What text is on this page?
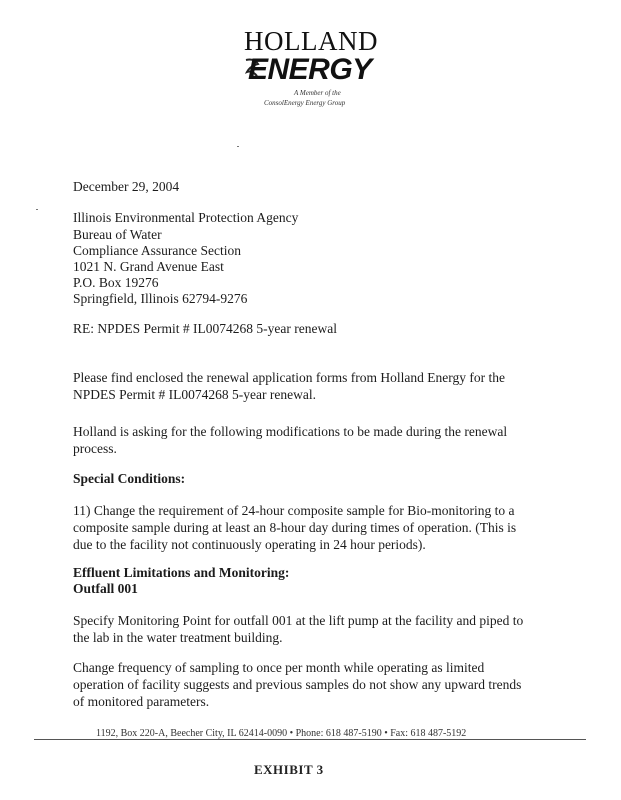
HOLLAND
ENERGY
A Member of the
ConsolEnergy Energy Group
December 29, 2004
Illinois Environmental Protection Agency
Bureau of Water
Compliance Assurance Section
1021 N. Grand Avenue East
P.O. Box 19276
Springfield, Illinois 62794-9276
RE: NPDES Permit # IL0074268 5-year renewal
Please find enclosed the renewal application forms from Holland Energy for the
NPDES Permit # IL0074268 5-year renewal.
Holland is asking for the following modifications to be made during the renewal
process.
Special Conditions:
11) Change the requirement of 24-hour composite sample for Bio-monitoring to a
composite sample during at least an 8-hour day during times of operation. (This is
due to the facility not continuously operating in 24 hour periods).
Effluent Limitations and Monitoring:
Outfall 001
Specify Monitoring Point for outfall 001 at the lift pump at the facility and piped to
the lab in the water treatment building.
Change frequency of sampling to once per month while operating as limited
operation of facility suggests and previous samples do not show any upward trends
of monitored parameters.
1192, Box 220-A, Beecher City, IL 62414-0090 • Phone: 618 487-5190 • Fax: 618 487-5192
EXHIBIT 3
